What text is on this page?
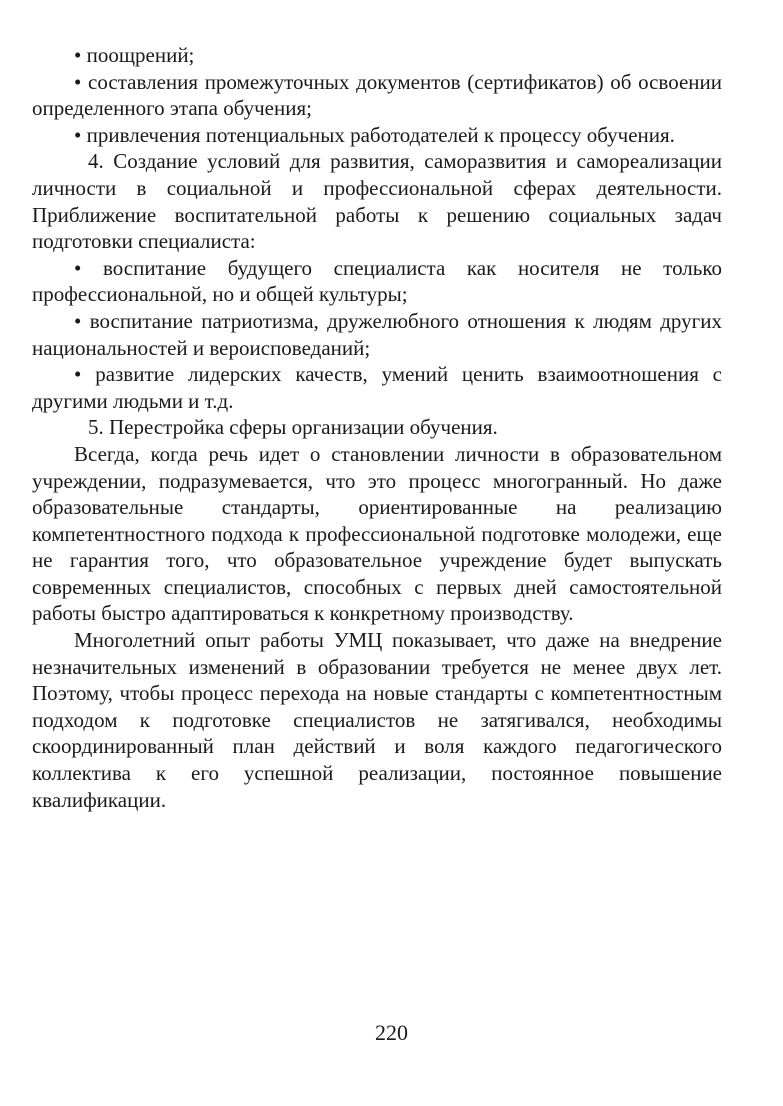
• поощрений;

• составления промежуточных документов (сертификатов) об освоении определенного этапа обучения;

• привлечения потенциальных работодателей к процессу обучения.

4. Создание условий для развития, саморазвития и самореализации личности в социальной и профессиональной сферах деятельности. Приближение воспитательной работы к решению социальных задач подготовки специалиста:

• воспитание будущего специалиста как носителя не только профессиональной, но и общей культуры;

• воспитание патриотизма, дружелюбного отношения к людям других национальностей и вероисповеданий;

• развитие лидерских качеств, умений ценить взаимоотношения с другими людьми и т.д.

5. Перестройка сферы организации обучения.

Всегда, когда речь идет о становлении личности в образовательном учреждении, подразумевается, что это процесс многогранный. Но даже образовательные стандарты, ориентированные на реализацию компетентностного подхода к профессиональной подготовке молодежи, еще не гарантия того, что образовательное учреждение будет выпускать современных специалистов, способных с первых дней самостоятельной работы быстро адаптироваться к конкретному производству.

Многолетний опыт работы УМЦ показывает, что даже на внедрение незначительных изменений в образовании требуется не менее двух лет. Поэтому, чтобы процесс перехода на новые стандарты с компетентностным подходом к подготовке специалистов не затягивался, необходимы скоординированный план действий и воля каждого педагогического коллектива к его успешной реализации, постоянное повышение квалификации.

220
